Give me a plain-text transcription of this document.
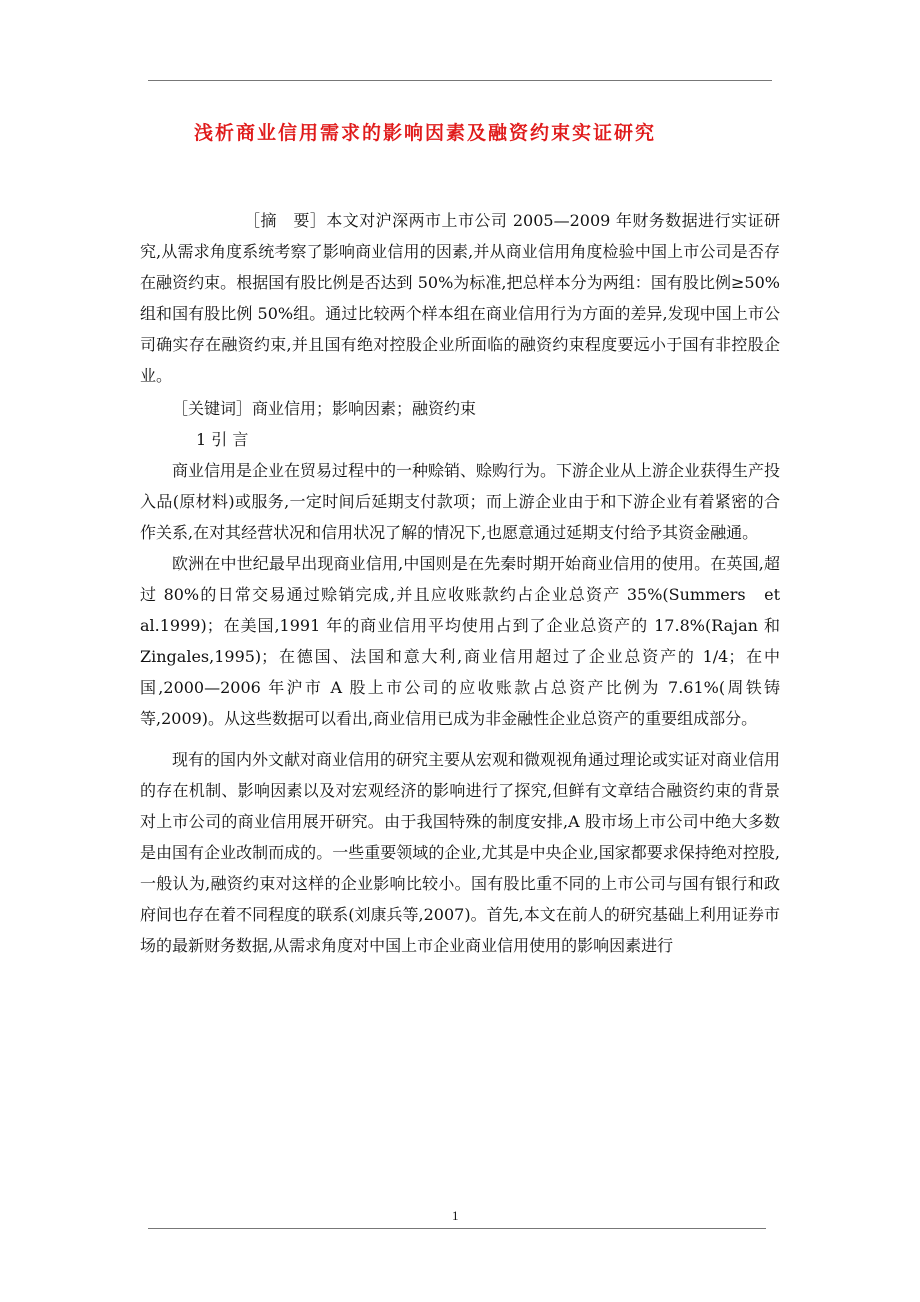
浅析商业信用需求的影响因素及融资约束实证研究

［摘　要］本文对沪深两市上市公司 2005—2009 年财务数据进行实证研究,从需求角度系统考察了影响商业信用的因素,并从商业信用角度检验中国上市公司是否存在融资约束。根据国有股比例是否达到 50%为标准,把总样本分为两组：国有股比例≥50%组和国有股比例 50%组。通过比较两个样本组在商业信用行为方面的差异,发现中国上市公司确实存在融资约束,并且国有绝对控股企业所面临的融资约束程度要远小于国有非控股企业。

［关键词］商业信用；影响因素；融资约束

1 引 言

商业信用是企业在贸易过程中的一种赊销、赊购行为。下游企业从上游企业获得生产投入品(原材料)或服务,一定时间后延期支付款项；而上游企业由于和下游企业有着紧密的合作关系,在对其经营状况和信用状况了解的情况下,也愿意通过延期支付给予其资金融通。

欧洲在中世纪最早出现商业信用,中国则是在先秦时期开始商业信用的使用。在英国,超过 80%的日常交易通过赊销完成,并且应收账款约占企业总资产 35%(Summers　et　al.1999)；在美国,1991 年的商业信用平均使用占到了企业总资产的 17.8%(Rajan 和　Zingales,1995)；在德国、法国和意大利,商业信用超过了企业总资产的 1/4；在中国,2000—2006 年沪市 A 股上市公司的应收账款占总资产比例为 7.61%(周铁铸等,2009)。从这些数据可以看出,商业信用已成为非金融性企业总资产的重要组成部分。

现有的国内外文献对商业信用的研究主要从宏观和微观视角通过理论或实证对商业信用的存在机制、影响因素以及对宏观经济的影响进行了探究,但鲜有文章结合融资约束的背景对上市公司的商业信用展开研究。由于我国特殊的制度安排,A 股市场上市公司中绝大多数是由国有企业改制而成的。一些重要领域的企业,尤其是中央企业,国家都要求保持绝对控股,一般认为,融资约束对这样的企业影响比较小。国有股比重不同的上市公司与国有银行和政府间也存在着不同程度的联系(刘康兵等,2007)。首先,本文在前人的研究基础上利用证券市场的最新财务数据,从需求角度对中国上市企业商业信用使用的影响因素进行

1
